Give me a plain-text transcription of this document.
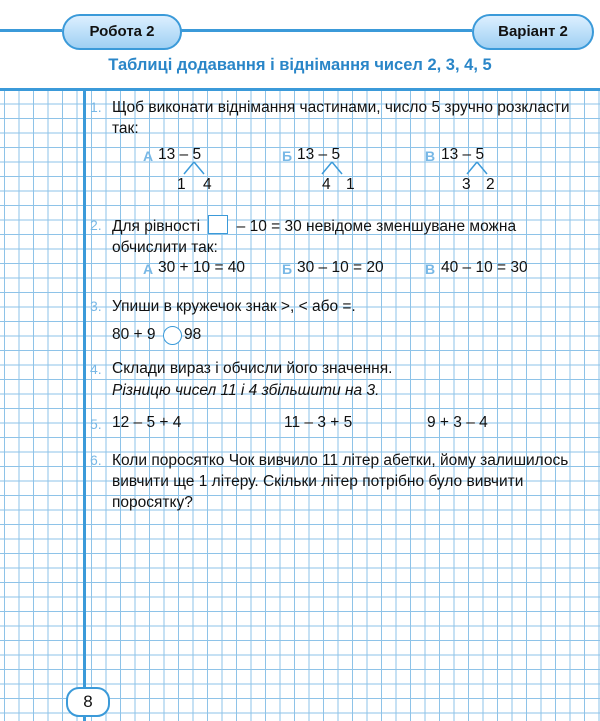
Робота 2	Варіант 2
Таблиці додавання і віднімання чисел 2, 3, 4, 5
1. Щоб виконати віднімання частинами, число 5 зручно розкласти так:
А 13 – 5
1 4
Б 13 – 5
4 1
В 13 – 5
3 2
2. Для рівності – 10 = 30 невідоме зменшуване можна обчислити так:
А 30 + 10 = 40	Б 30 – 10 = 20	В 40 – 10 = 30
3. Упиши в кружечок знак >, < або =.
80 + 9 98
4. Склади вираз і обчисли його значення.
Різницю чисел 11 і 4 збільшити на 3.
5. 12 – 5 + 4	11 – 3 + 5	9 + 3 – 4
6. Коли поросятко Чок вивчило 11 літер абетки, йому залишилось вивчити ще 1 літеру. Скільки літер потрібно було вивчити поросятку?
8
